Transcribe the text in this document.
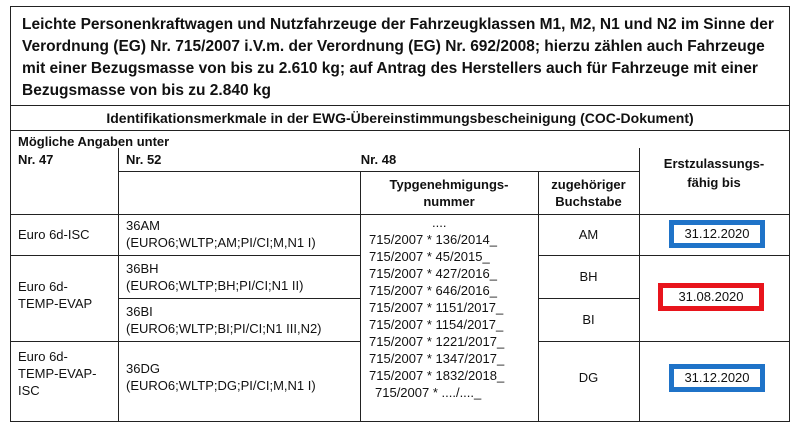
Leichte Personenkraftwagen und Nutzfahrzeuge der Fahrzeugklassen M1, M2, N1 und N2 im Sinne der Verordnung (EG) Nr. 715/2007 i.V.m. der Verordnung (EG) Nr. 692/2008; hierzu zählen auch Fahrzeuge mit einer Bezugsmasse von bis zu 2.610 kg; auf Antrag des Herstellers auch für Fahrzeuge mit einer Bezugsmasse von bis zu 2.840 kg
Identifikationsmerkmale in der EWG-Übereinstimmungsbescheinigung (COC-Dokument)
Mögliche Angaben unter
Nr. 47	Nr. 52	Nr. 48
Typgenehmigungs-
nummer
zugehöriger
Buchstabe
Erstzulassungs-
fähig bis
Euro 6d-ISC
36AM
(EURO6;WLTP;AM;PI/CI;M,N1 I)
AM
Euro 6d-
TEMP-EVAP
36BH
(EURO6;WLTP;BH;PI/CI;N1 II)
BH
36BI
(EURO6;WLTP;BI;PI/CI;N1 III,N2)
BI
Euro 6d-
TEMP-EVAP-
ISC
36DG
(EURO6;WLTP;DG;PI/CI;M,N1 I)
DG
....
715/2007 * 136/2014_
715/2007 * 45/2015_
715/2007 * 427/2016_
715/2007 * 646/2016_
715/2007 * 1151/2017_
715/2007 * 1154/2017_
715/2007 * 1221/2017_
715/2007 * 1347/2017_
715/2007 * 1832/2018_
715/2007 * ..../...._
31.12.2020
31.08.2020
31.12.2020
